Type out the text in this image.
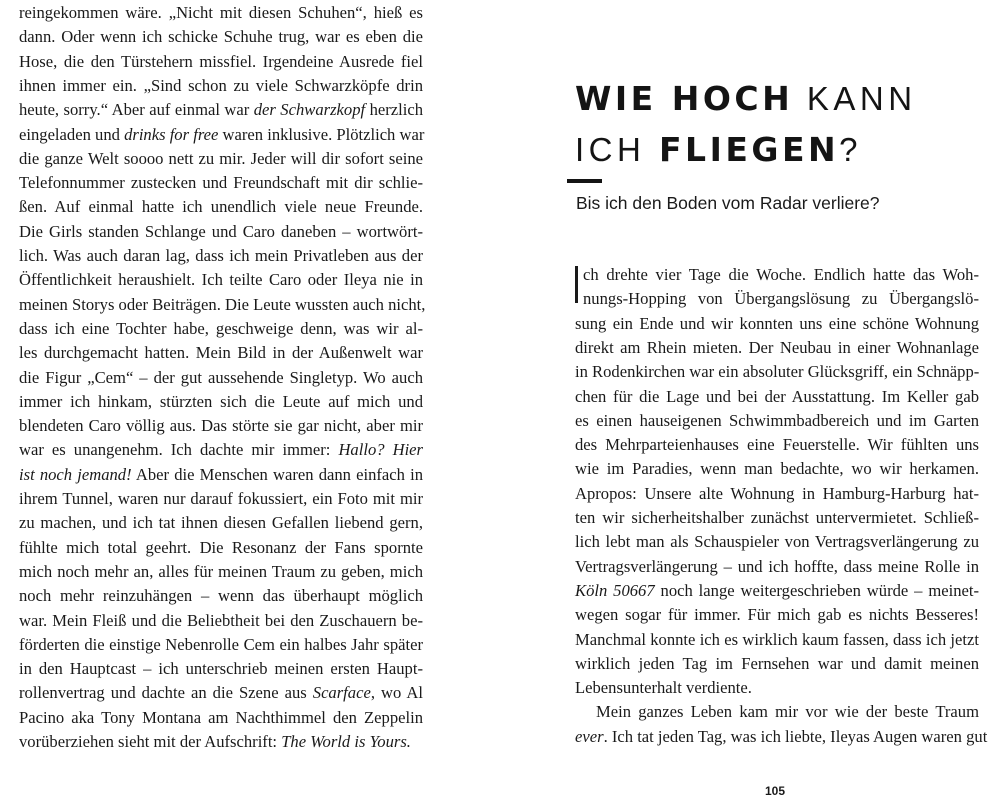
reingekommen wäre. „Nicht mit diesen Schuhen“, hieß es
dann. Oder wenn ich schicke Schuhe trug, war es eben die
Hose, die den Türstehern missfiel. Irgendeine Ausrede fiel
ihnen immer ein. „Sind schon zu viele Schwarzköpfe drin
heute, sorry.“ Aber auf einmal war der Schwarzkopf herzlich
eingeladen und drinks for free waren inklusive. Plötzlich war
die ganze Welt soooo nett zu mir. Jeder will dir sofort seine
Telefonnummer zustecken und Freundschaft mit dir schlie-
ßen. Auf einmal hatte ich unendlich viele neue Freunde.
Die Girls standen Schlange und Caro daneben – wortwört-
lich. Was auch daran lag, dass ich mein Privatleben aus der
Öffentlichkeit heraushielt. Ich teilte Caro oder Ileya nie in
meinen Storys oder Beiträgen. Die Leute wussten auch nicht,
dass ich eine Tochter habe, geschweige denn, was wir al-
les durchgemacht hatten. Mein Bild in der Außenwelt war
die Figur „Cem“ – der gut aussehende Singletyp. Wo auch
immer ich hinkam, stürzten sich die Leute auf mich und
blendeten Caro völlig aus. Das störte sie gar nicht, aber mir
war es unangenehm. Ich dachte mir immer: Hallo? Hier
ist noch jemand! Aber die Menschen waren dann einfach in
ihrem Tunnel, waren nur darauf fokussiert, ein Foto mit mir
zu machen, und ich tat ihnen diesen Gefallen liebend gern,
fühlte mich total geehrt. Die Resonanz der Fans spornte
mich noch mehr an, alles für meinen Traum zu geben, mich
noch mehr reinzuhängen – wenn das überhaupt möglich
war. Mein Fleiß und die Beliebtheit bei den Zuschauern be-
förderten die einstige Nebenrolle Cem ein halbes Jahr später
in den Hauptcast – ich unterschrieb meinen ersten Haupt-
rollenvertrag und dachte an die Szene aus Scarface, wo Al
Pacino aka Tony Montana am Nachthimmel den Zeppelin
vorüberziehen sieht mit der Aufschrift: The World is Yours.
WIE HOCH KANN
ICH FLIEGEN?
Bis ich den Boden vom Radar verliere?
ch drehte vier Tage die Woche. Endlich hatte das Woh-
nungs-Hopping von Übergangslösung zu Übergangslö-
sung ein Ende und wir konnten uns eine schöne Wohnung
direkt am Rhein mieten. Der Neubau in einer Wohnanlage
in Rodenkirchen war ein absoluter Glücksgriff, ein Schnäpp-
chen für die Lage und bei der Ausstattung. Im Keller gab
es einen hauseigenen Schwimmbadbereich und im Garten
des Mehrparteienhauses eine Feuerstelle. Wir fühlten uns
wie im Paradies, wenn man bedachte, wo wir herkamen.
Apropos: Unsere alte Wohnung in Hamburg-Harburg hat-
ten wir sicherheitshalber zunächst untervermietet. Schließ-
lich lebt man als Schauspieler von Vertragsverlängerung zu
Vertragsverlängerung – und ich hoffte, dass meine Rolle in
Köln 50667 noch lange weitergeschrieben würde – meinet-
wegen sogar für immer. Für mich gab es nichts Besseres!
Manchmal konnte ich es wirklich kaum fassen, dass ich jetzt
wirklich jeden Tag im Fernsehen war und damit meinen
Lebensunterhalt verdiente.
Mein ganzes Leben kam mir vor wie der beste Traum
ever. Ich tat jeden Tag, was ich liebte, Ileyas Augen waren gut
105
